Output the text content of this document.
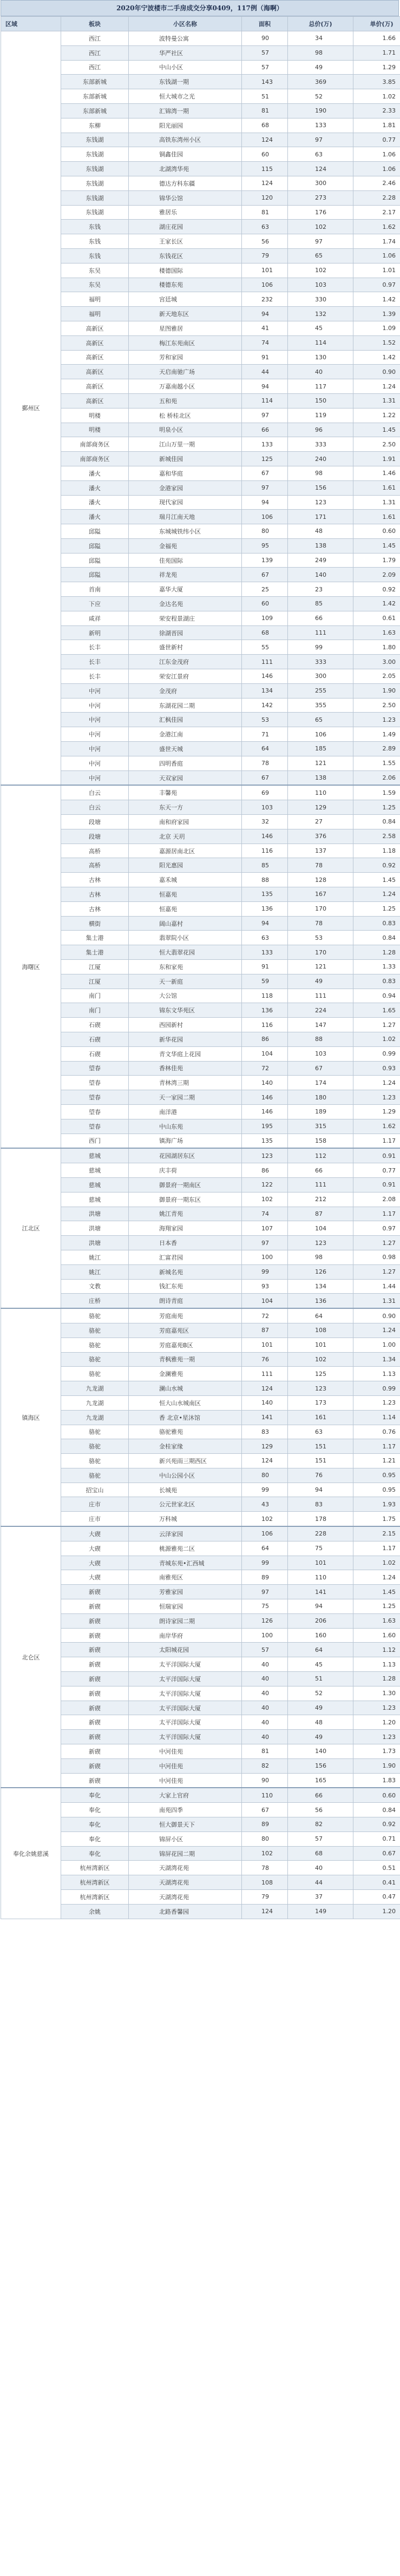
2020年宁波楼市二手房成交分享0409，117例（海啊）
区域	板块	小区名称	面积	总价(万)	单价(万)
鄞州区	西江	波特曼公寓	90	34	1.66
	西江	华严社区	57	98	1.71
	西江	中山小区	57	49	1.29
	东部新城	东钱湖一期	143	369	3.85
	东部新城	恒大城市之光	51	52	1.02
	东部新城	汇锦湾一期	81	190	2.33
	东柳	阳光丽园	68	133	1.81
	东钱湖	高铁东湾州小区	124	97	0.77
	东钱湖	铜鑫佳园	60	63	1.06
	东钱湖	北湖湾华苑	115	124	1.06
	东钱湖	德达方科东疆	124	300	2.46
	东钱湖	锦华公馆	120	273	2.28
	东钱湖	雅居乐	81	176	2.17
	东钱	湖庄花园	63	102	1.62
	东钱	王家长区	56	97	1.74
	东钱	东钱花区	79	65	1.06
	东吴	楼德国际	101	102	1.01
	东吴	楼德东苑	106	103	0.97
	福明	宫廷城	232	330	1.42
	福明	新天地东区	94	132	1.39
	高新区	星图雅居	41	45	1.09
	高新区	梅江东苑南区	74	114	1.52
	高新区	芳和家园	91	130	1.42
	高新区	天启南驰广场	44	40	0.90
	高新区	万嘉南越小区	94	117	1.24
	高新区	五和苑	114	150	1.31
	明楼	松 桥桂北区	97	119	1.22
	明楼	明泉小区	66	96	1.45
	南部商务区	江山万里一期	133	333	2.50
	南部商务区	新城佳园	125	240	1.91
	潘火	嘉和华庭	67	98	1.46
	潘火	金港家园	97	156	1.61
	潘火	现代家园	94	123	1.31
	潘火	瑞月江南天地	106	171	1.61
	邱隘	东城城铁纬小区	80	48	0.60
	邱隘	金福苑	95	138	1.45
	邱隘	佳苑国际	139	249	1.79
	邱隘	祥龙苑	67	140	2.09
	首南	嘉华大厦	25	23	0.92
	下应	金达名苑	60	85	1.42
	咸祥	荣安程景湖庄	109	66	0.61
	新明	徐湖晋园	68	111	1.63
	长丰	盛世新村	55	99	1.80
	长丰	江东金茂府	111	333	3.00
	长丰	荣安江景府	146	300	2.05
	中河	金茂府	134	255	1.90
	中河	东湖花园二期	142	355	2.50
	中河	汇枫佳园	53	65	1.23
	中河	金港江南	71	106	1.49
	中河	盛世天城	64	185	2.89
	中河	四明香庭	78	121	1.55
	中河	天双家园	67	138	2.06
海曙区	白云	丰馨苑	69	110	1.59
	白云	东天一方	103	129	1.25
	段塘	南和府家园	32	27	0.84
	段塘	北京 天玥	146	376	2.58
	高桥	嘉源居南北区	116	137	1.18
	高桥	阳光惠园	85	78	0.92
	古林	嘉禾城	88	128	1.45
	古林	恒嘉苑	135	167	1.24
	古林	恒嘉苑	136	170	1.25
	横街	阔山嘉村	94	78	0.83
	集士港	翡翠院小区	63	53	0.84
	集士港	恒大翡翠花园	133	170	1.28
	江厦	东和家苑	91	121	1.33
	江厦	天一新庭	59	49	0.83
	南门	大公馆	118	111	0.94
	南门	锦东文华苑区	136	224	1.65
	石碶	西园新村	116	147	1.27
	石碶	新华花园	86	88	1.02
	石碶	青文华庭上花园	104	103	0.99
	望春	香林佳苑	72	67	0.93
	望春	青林湾三期	140	174	1.24
	望春	天一家园二期	146	180	1.23
	望春	南洋港	146	189	1.29
	望春	中山东苑	195	315	1.62
	西门	镇海广场	135	158	1.17
江北区	慈城	花园湖居东区	123	112	0.91
	慈城	庆丰荷	86	66	0.77
	慈城	御景府一期南区	122	111	0.91
	慈城	御景府一期东区	102	212	2.08
	洪塘	姚江青苑	74	87	1.17
	洪塘	海翔家园	107	104	0.97
	洪塘	日本香	97	123	1.27
	姚江	汇富君园	100	98	0.98
	姚江	新城名苑	99	126	1.27
	文教	钱汇东苑	93	134	1.44
	庄桥	朗诗青庭	104	136	1.31
镇海区	骆驼	芳庭南苑	72	64	0.90
	骆驼	芳庭嘉苑区	87	108	1.24
	骆驼	芳庭嘉苑B区	101	101	1.00
	骆驼	青枫雅苑一期	76	102	1.34
	骆驼	金澜雅苑	111	125	1.13
	九龙湖	澜山水城	124	123	0.99
	九龙湖	恒大山水城南区	140	173	1.23
	九龙湖	香 北京•星沐馆	141	161	1.14
	骆驼	骆驼雅苑	83	63	0.76
	骆驼	金桂家缘	129	151	1.17
	骆驼	新兴苑雨三期西区	124	151	1.21
	骆驼	中山公园小区	80	76	0.95
	招宝山	长城苑	99	94	0.95
	庄市	公元世家北区	43	83	1.93
	庄市	万科城	102	178	1.75
北仑区	大碶	云泽家园	106	228	2.15
	大碶	桃源雅苑二区	64	75	1.17
	大碶	青城东苑•汇西城	99	101	1.02
	大碶	南雅苑区	89	110	1.24
	新碶	芳雅家园	97	141	1.45
	新碶	恒瑞家园	75	94	1.25
	新碶	朗诗家园二期	126	206	1.63
	新碶	南岸华府	100	160	1.60
	新碶	太阳城花园	57	64	1.12
	新碶	太平洋国际大厦	40	45	1.13
	新碶	太平洋国际大厦	40	51	1.28
	新碶	太平洋国际大厦	40	52	1.30
	新碶	太平洋国际大厦	40	49	1.23
	新碶	太平洋国际大厦	40	48	1.20
	新碶	太平洋国际大厦	40	49	1.23
	新碶	中河佳苑	81	140	1.73
	新碶	中河佳苑	82	156	1.90
	新碶	中河佳苑	90	165	1.83
奉化余姚慈溪	奉化	大家上官府	110	66	0.60
	奉化	南苑四季	67	56	0.84
	奉化	恒大御景天下	89	82	0.92
	奉化	锦屏小区	80	57	0.71
	奉化	锦屏花园二期	102	68	0.67
	杭州湾新区	天湖湾花苑	78	40	0.51
	杭州湾新区	天湖湾花苑	108	44	0.41
	杭州湾新区	天湖湾花苑	79	37	0.47
	余姚	北路香馨园	124	149	1.20
